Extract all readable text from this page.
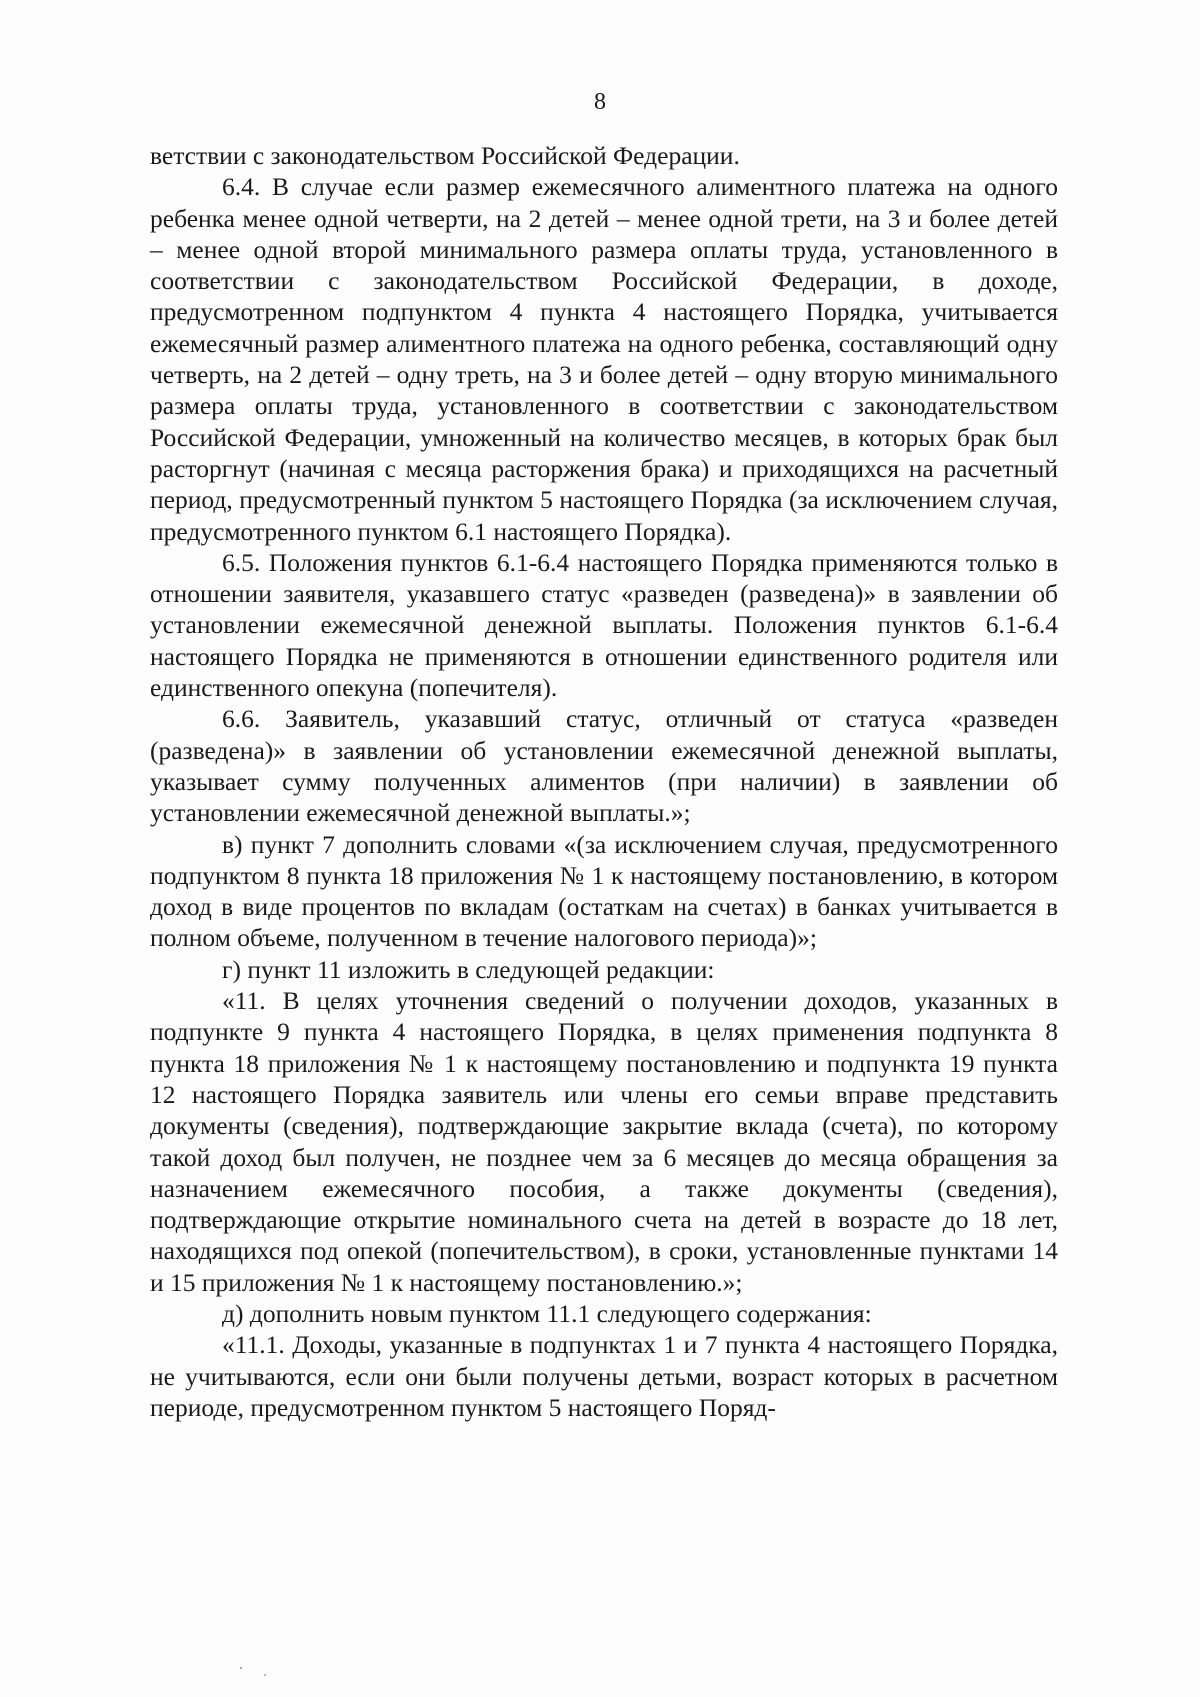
8

ветствии с законодательством Российской Федерации.

6.4. В случае если размер ежемесячного алиментного платежа на одного ребенка менее одной четверти, на 2 детей – менее одной трети, на 3 и более детей – менее одной второй минимального размера оплаты труда, установленного в соответствии с законодательством Российской Федерации, в доходе, предусмотренном подпунктом 4 пункта 4 настоящего Порядка, учитывается ежемесячный размер алиментного платежа на одного ребенка, составляющий одну четверть, на 2 детей – одну треть, на 3 и более детей – одну вторую минимального размера оплаты труда, установленного в соответствии с законодательством Российской Федерации, умноженный на количество месяцев, в которых брак был расторгнут (начиная с месяца расторжения брака) и приходящихся на расчетный период, предусмотренный пунктом 5 настоящего Порядка (за исключением случая, предусмотренного пунктом 6.1 настоящего Порядка).

6.5. Положения пунктов 6.1-6.4 настоящего Порядка применяются только в отношении заявителя, указавшего статус «разведен (разведена)» в заявлении об установлении ежемесячной денежной выплаты. Положения пунктов 6.1-6.4 настоящего Порядка не применяются в отношении единственного родителя или единственного опекуна (попечителя).

6.6. Заявитель, указавший статус, отличный от статуса «разведен (разведена)» в заявлении об установлении ежемесячной денежной выплаты, указывает сумму полученных алиментов (при наличии) в заявлении об установлении ежемесячной денежной выплаты.»;

в) пункт 7 дополнить словами «(за исключением случая, предусмотренного подпунктом 8 пункта 18 приложения № 1 к настоящему постановлению, в котором доход в виде процентов по вкладам (остаткам на счетах) в банках учитывается в полном объеме, полученном в течение налогового периода)»;

г) пункт 11 изложить в следующей редакции:

«11. В целях уточнения сведений о получении доходов, указанных в подпункте 9 пункта 4 настоящего Порядка, в целях применения подпункта 8 пункта 18 приложения № 1 к настоящему постановлению и подпункта 19 пункта 12 настоящего Порядка заявитель или члены его семьи вправе представить документы (сведения), подтверждающие закрытие вклада (счета), по которому такой доход был получен, не позднее чем за 6 месяцев до месяца обращения за назначением ежемесячного пособия, а также документы (сведения), подтверждающие открытие номинального счета на детей в возрасте до 18 лет, находящихся под опекой (попечительством), в сроки, установленные пунктами 14 и 15 приложения № 1 к настоящему постановлению.»;

д) дополнить новым пунктом 11.1 следующего содержания:

«11.1. Доходы, указанные в подпунктах 1 и 7 пункта 4 настоящего Порядка, не учитываются, если они были получены детьми, возраст которых в расчетном периоде, предусмотренном пунктом 5 настоящего Поряд-

·
˙
